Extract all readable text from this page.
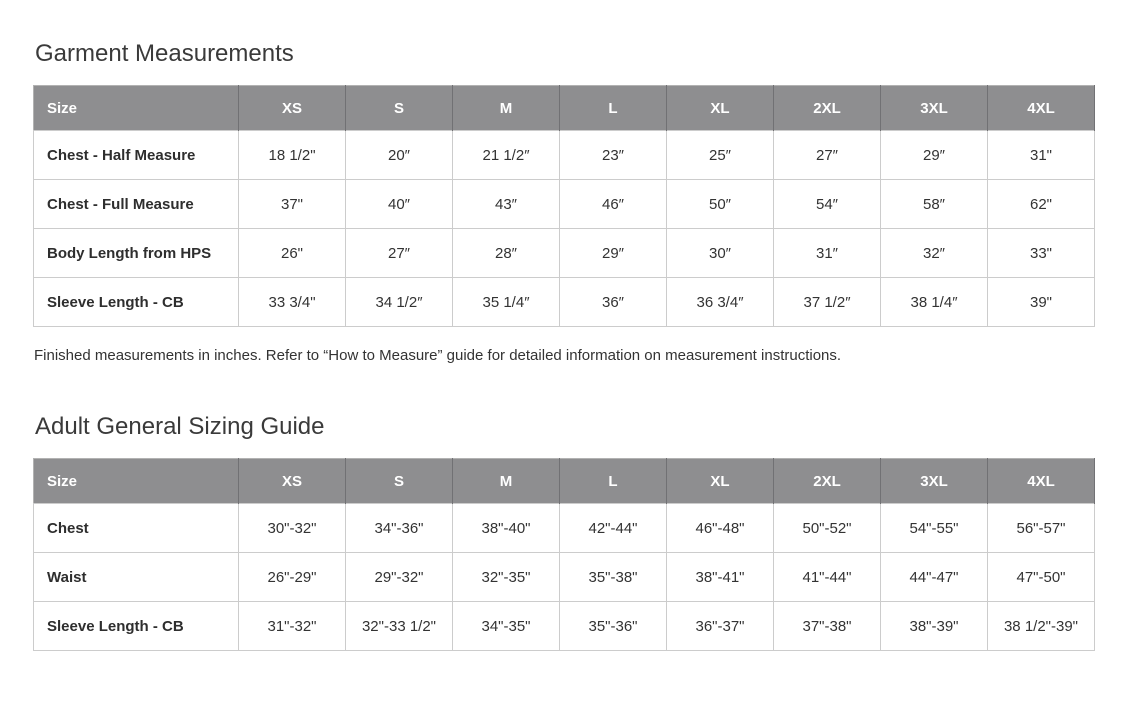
Garment Measurements
Size	XS	S	M	L	XL	2XL	3XL	4XL
Chest - Half Measure	18 1/2"	20″	21 1/2″	23″	25″	27″	29″	31"
Chest - Full Measure	37"	40″	43″	46″	50″	54″	58″	62"
Body Length from HPS	26"	27″	28″	29″	30″	31″	32″	33"
Sleeve Length - CB	33 3/4"	34 1/2″	35 1/4″	36″	36 3/4″	37 1/2″	38 1/4″	39"

Finished measurements in inches. Refer to “How to Measure” guide for detailed information on measurement instructions.

Adult General Sizing Guide
Size	XS	S	M	L	XL	2XL	3XL	4XL
Chest	30"-32"	34"-36"	38"-40"	42"-44"	46"-48"	50"-52"	54"-55"	56"-57"
Waist	26"-29"	29"-32"	32"-35"	35"-38"	38"-41"	41"-44"	44"-47"	47"-50"
Sleeve Length - CB	31"-32"	32"-33 1/2"	34"-35"	35"-36"	36"-37"	37"-38"	38"-39"	38 1/2"-39"
